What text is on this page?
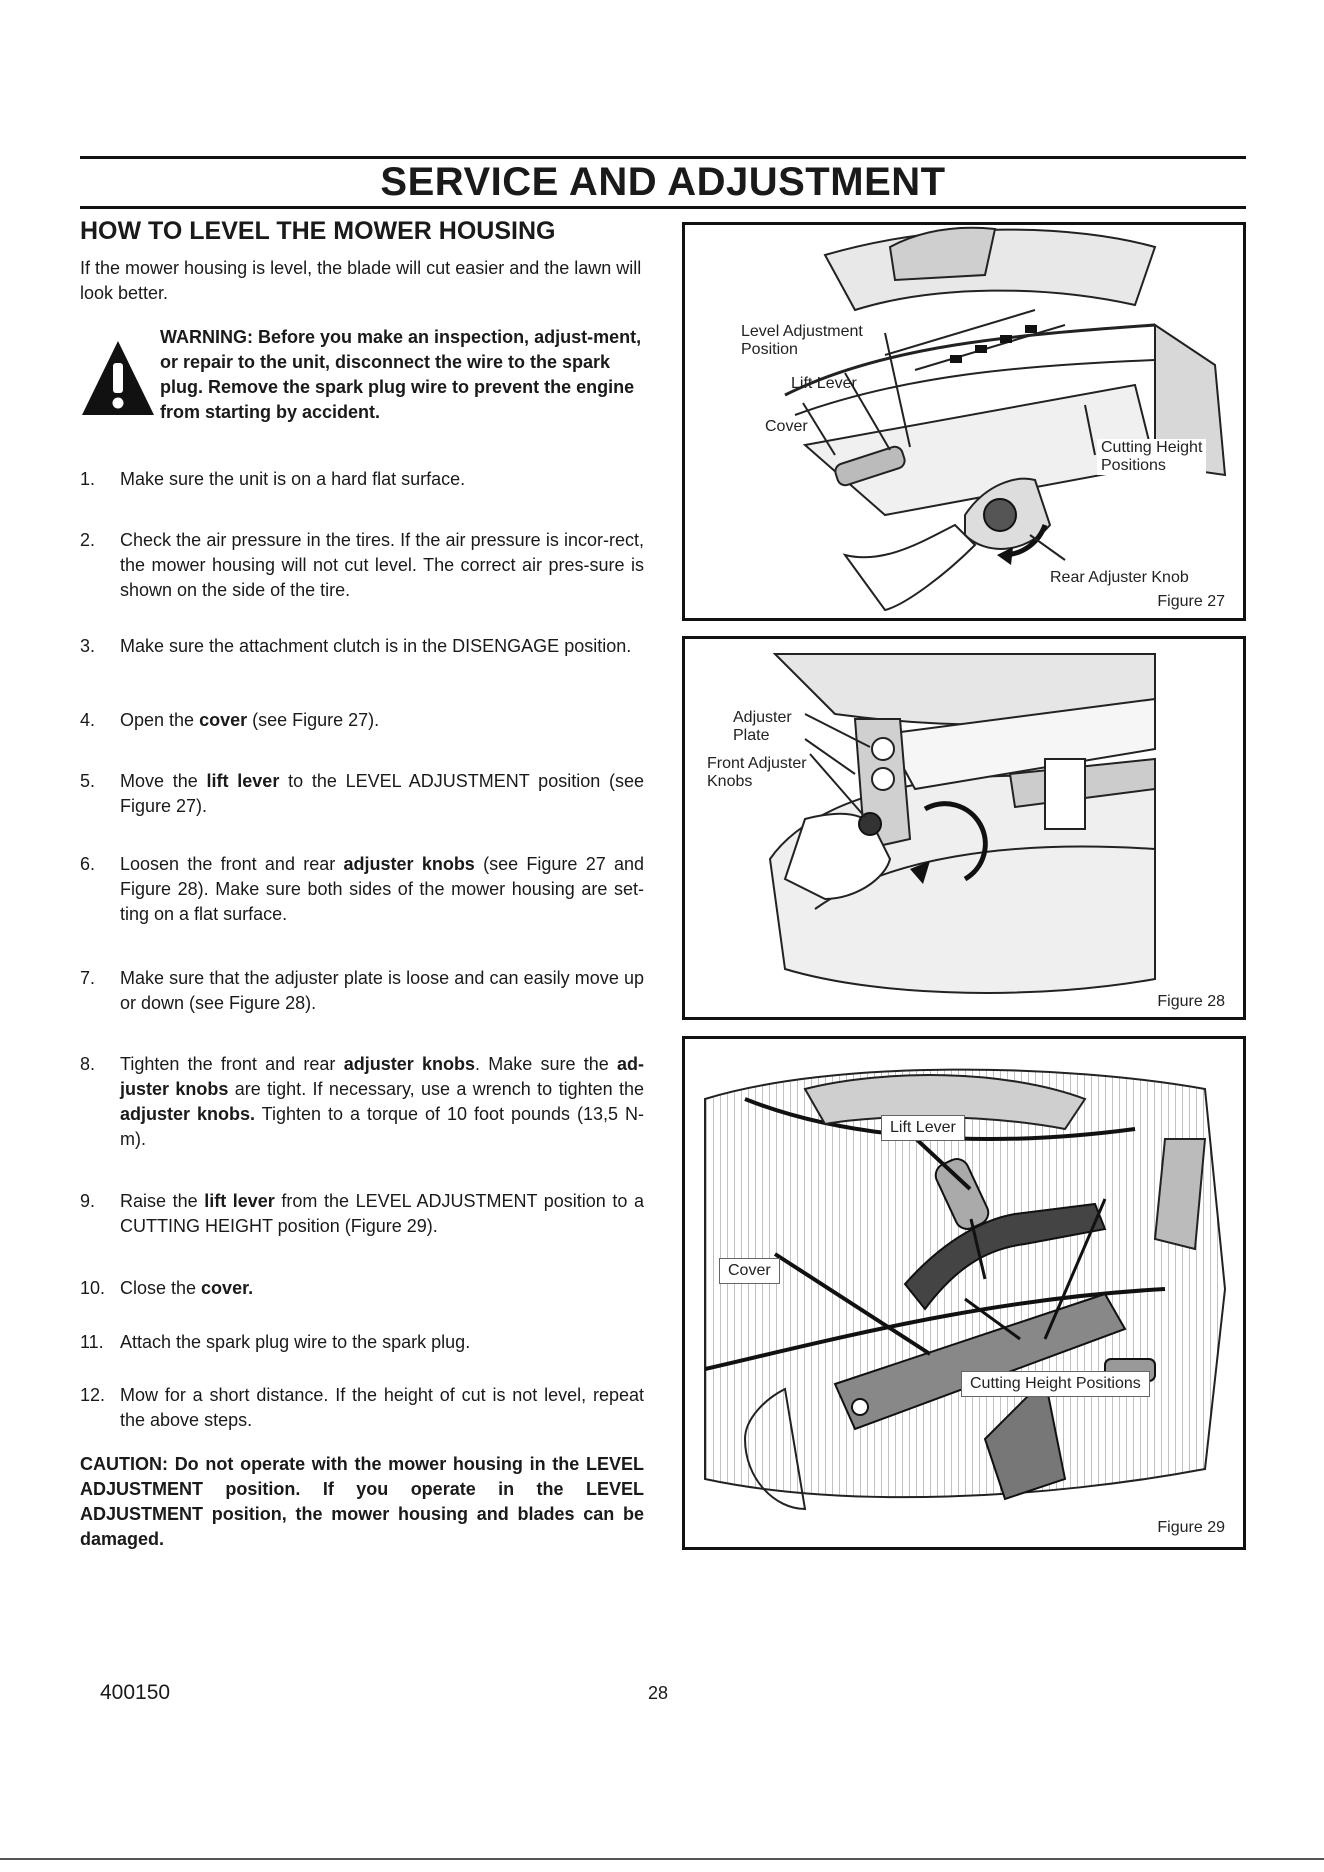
SERVICE AND ADJUSTMENT
HOW TO LEVEL THE MOWER HOUSING
If the mower housing is level, the blade will cut easier and the lawn will look better.
WARNING: Before you make an inspection, adjust-ment, or repair to the unit, disconnect the wire to the spark plug. Remove the spark plug wire to prevent the engine from starting by accident.
1.	Make sure the unit is on a hard flat surface.
2.	Check the air pressure in the tires. If the air pressure is incor-rect, the mower housing will not cut level. The correct air pres-sure is shown on the side of the tire.
3.	Make sure the attachment clutch is in the DISENGAGE position.
4.	Open the cover (see Figure 27).
5.	Move the lift lever to the LEVEL ADJUSTMENT position (see Figure 27).
6.	Loosen the front and rear adjuster knobs (see Figure 27 and Figure 28). Make sure both sides of the mower housing are set-ting on a flat surface.
7.	Make sure that the adjuster plate is loose and can easily move up or down (see Figure 28).
8.	Tighten the front and rear adjuster knobs. Make sure the ad-juster knobs are tight. If necessary, use a wrench to tighten the adjuster knobs. Tighten to a torque of 10 foot pounds (13,5 N-m).
9.	Raise the lift lever from the LEVEL ADJUSTMENT position to a CUTTING HEIGHT position (Figure 29).
10. Close the cover.
11. Attach the spark plug wire to the spark plug.
12. Mow for a short distance. If the height of cut is not level, repeat the above steps.
CAUTION: Do not operate with the mower housing in the LEVEL ADJUSTMENT position. If you operate in the LEVEL ADJUSTMENT position, the mower housing and blades can be damaged.
Level Adjustment
Position
Lift Lever
Cover
Cutting Height
Positions
Rear Adjuster Knob
Figure 27
Adjuster
Plate
Front Adjuster
Knobs
Figure 28
Lift Lever
Cover
Cutting Height Positions
Figure 29
400150	28
